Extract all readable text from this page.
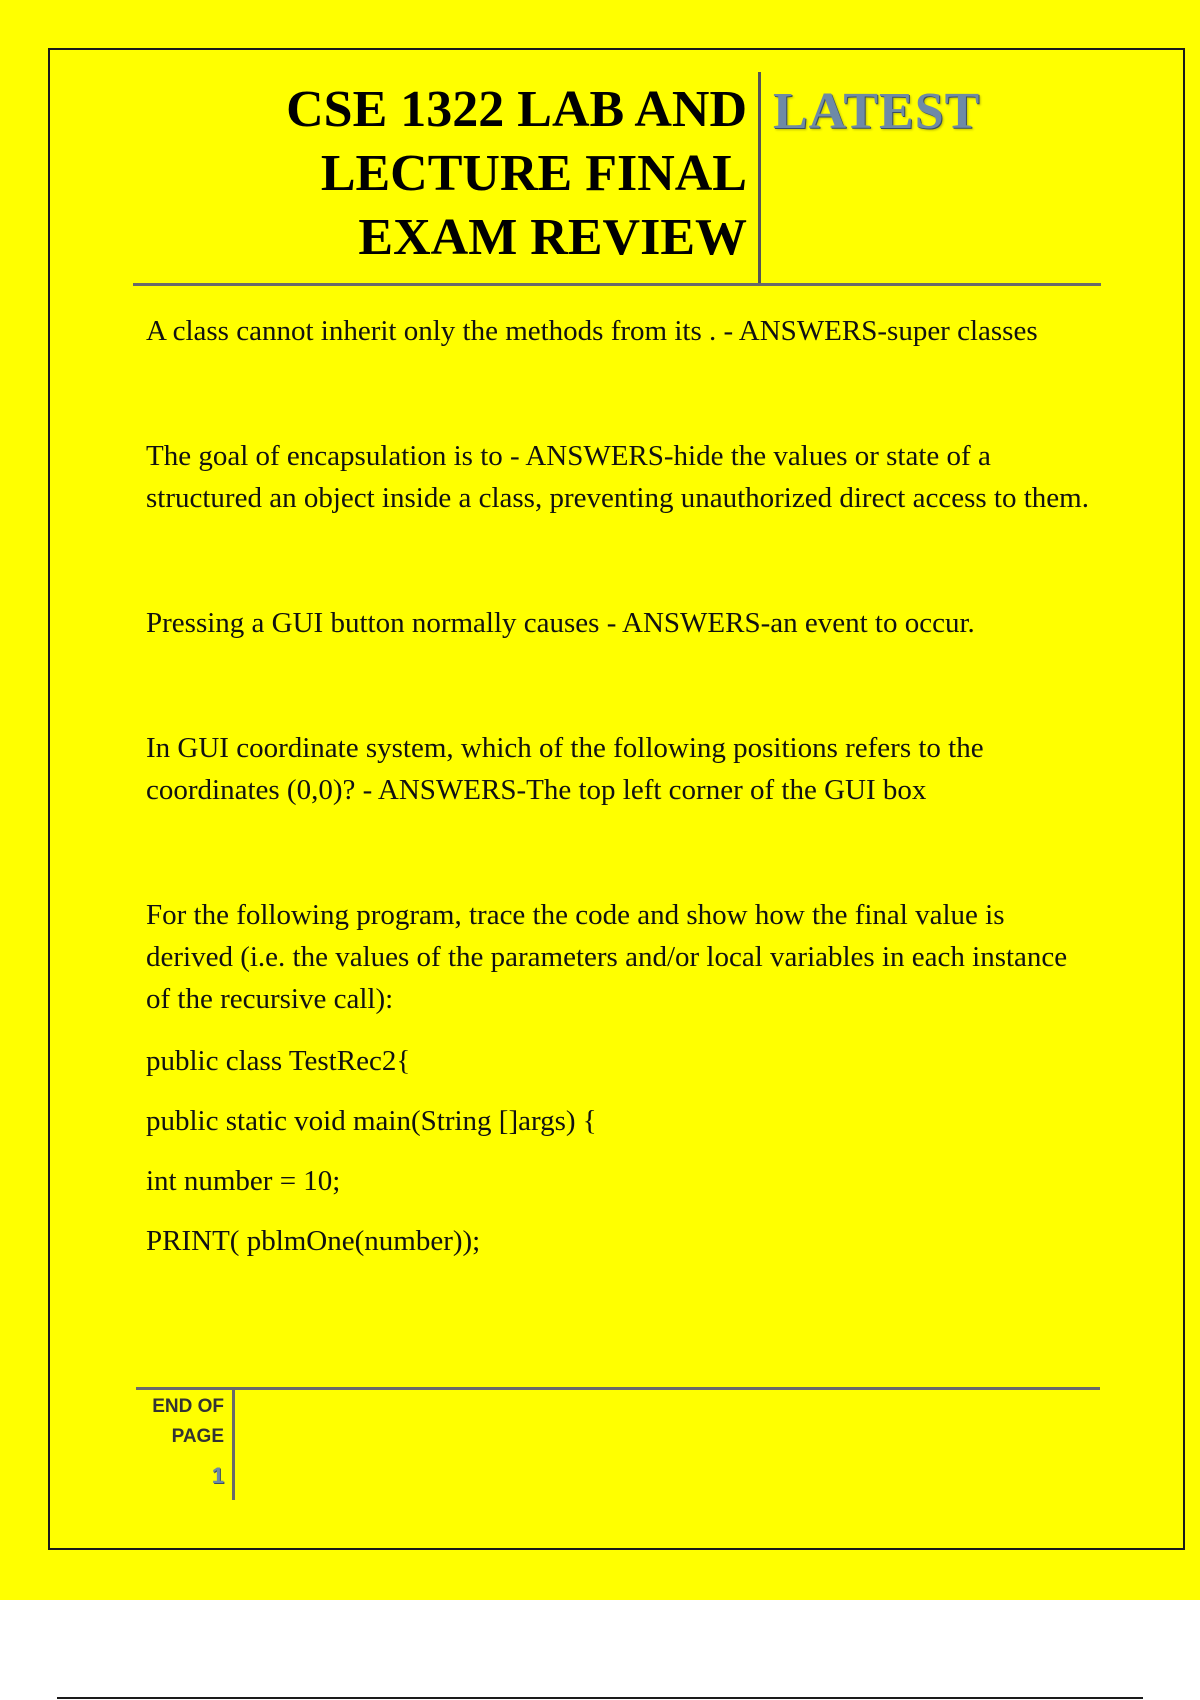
CSE 1322 LAB AND
LECTURE FINAL
EXAM REVIEW
LATEST

A class cannot inherit only the methods from its . - ANSWERS-super classes

The goal of encapsulation is to - ANSWERS-hide the values or state of a structured an object inside a class, preventing unauthorized direct access to them.

Pressing a GUI button normally causes - ANSWERS-an event to occur.

In GUI coordinate system, which of the following positions refers to the coordinates (0,0)? - ANSWERS-The top left corner of the GUI box

For the following program, trace the code and show how the final value is derived (i.e. the values of the parameters and/or local variables in each instance of the recursive call):

public class TestRec2{

public static void main(String []args) {

int number = 10;

PRINT( pblmOne(number));

END OF
PAGE
1
